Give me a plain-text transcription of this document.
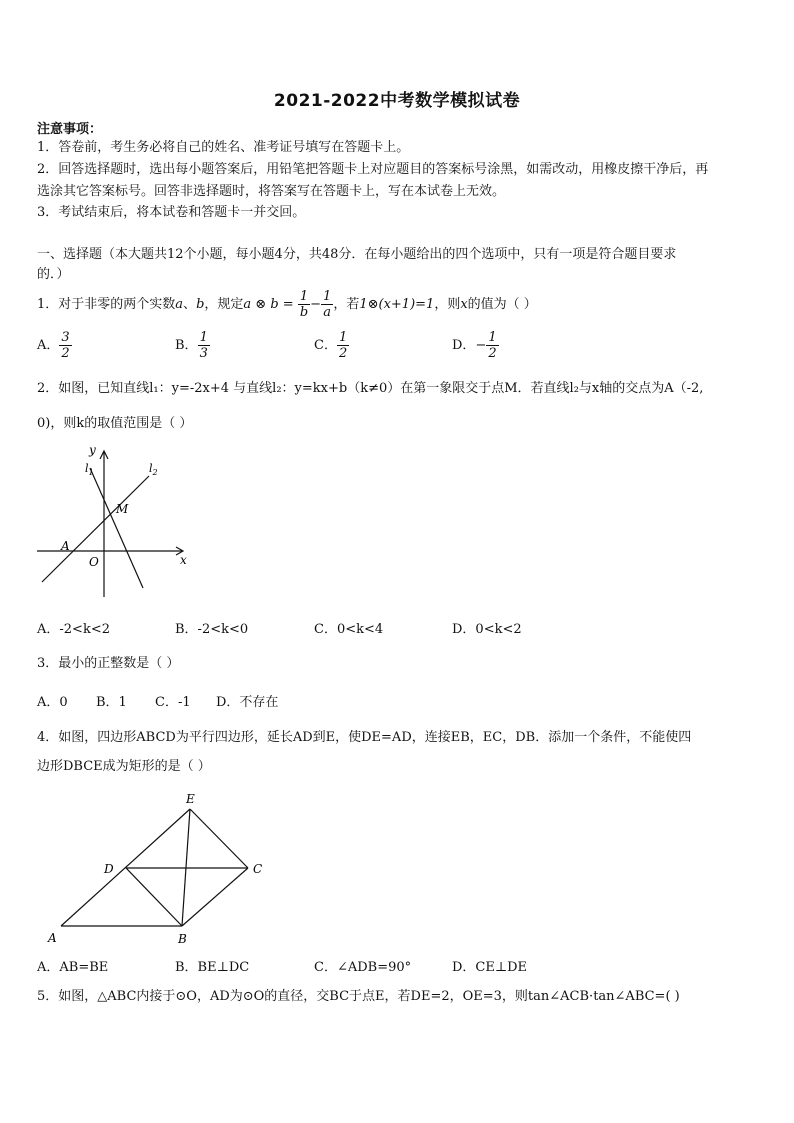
2021-2022中考数学模拟试卷
注意事项：
1．答卷前，考生务必将自己的姓名、准考证号填写在答题卡上。
2．回答选择题时，选出每小题答案后，用铅笔把答题卡上对应题目的答案标号涂黑，如需改动，用橡皮擦干净后，再
选涂其它答案标号。回答非选择题时，将答案写在答题卡上，写在本试卷上无效。
3．考试结束后，将本试卷和答题卡一并交回。
一、选择题（本大题共12个小题，每小题4分，共48分．在每小题给出的四个选项中，只有一项是符合题目要求
的．）
1．对于非零的两个实数a、b，规定a ⊗ $b = \frac{1}{b} - \frac{1}{a}$ ，若1⊗(x+1)=1，则x的值为（ ）
A． $\frac{3}{2}$	B． $\frac{1}{3}$	C． $\frac{1}{2}$	D．− $\frac{1}{2}$
2．如图，已知直线l₁：y=-2x+4 与直线l₂：y=kx+b（k≠0）在第一象限交于点M．若直线l₂与x轴的交点为A（-2,
0)，则k的取值范围是（ ）
y
x
$l_1$	$l_2$
M
A
O
A．-2<k<2	B．-2<k<0	C．0<k<4	D．0<k<2
3．最小的正整数是（ ）
A．0 B．1 C．-1 D．不存在
4．如图，四边形ABCD为平行四边形，延长AD到E，使DE=AD，连接EB，EC，DB．添加一个条件，不能使四
边形DBCE成为矩形的是（ ）
E
D	C
A	B
A．AB=BE	B．BE⊥DC	C．∠ADB=90°	D．CE⊥DE
5．如图，△ABC内接于⊙O，AD为⊙O的直径，交BC于点E，若DE=2，OE=3，则tan∠ACB·tan∠ABC=( )
